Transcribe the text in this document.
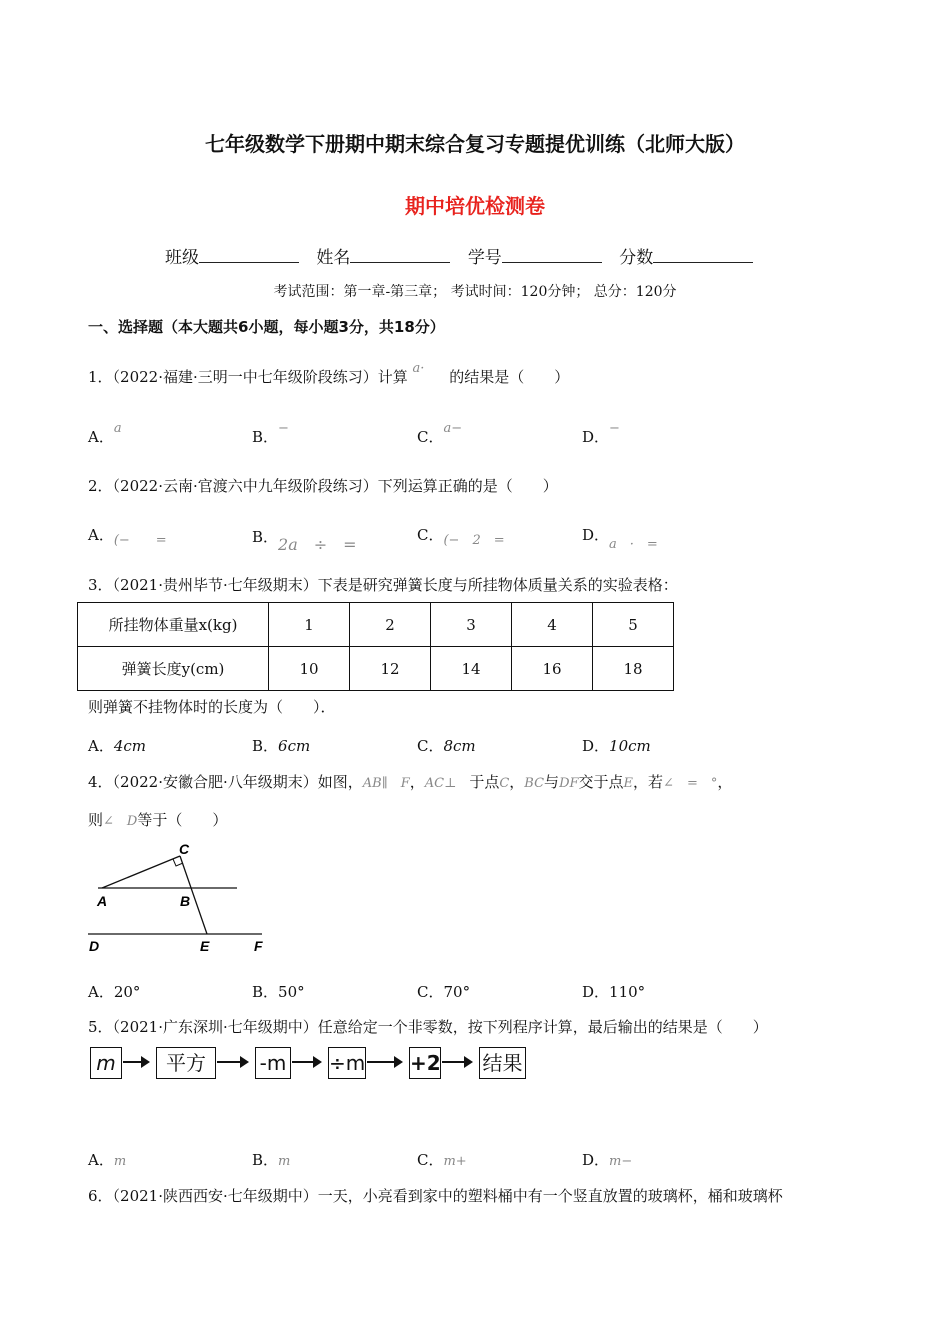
七年级数学下册期中期末综合复习专题提优训练（北师大版）
期中培优检测卷
班级	姓名	学号	分数
考试范围：第一章-第三章； 考试时间：120分钟； 总分：120分
一、选择题（本大题共6小题，每小题3分，共18分）
1．（2022·福建·三明一中七年级阶段练习）计算 a· 的结果是（　　）
A．a	B．−	C．a−	D．−
2．（2022·云南·官渡六中九年级阶段练习）下列运算正确的是（　　）
A．(−　　=	B．2a　÷　=	C．(−　2　=	D．a　·　=
3．（2021·贵州毕节·七年级期末）下表是研究弹簧长度与所挂物体质量关系的实验表格：
所挂物体重量x(kg)	1	2	3	4	5
弹簧长度y(cm)	10	12	14	16	18
则弹簧不挂物体时的长度为（　　）．
A．4cm	B．6cm	C．8cm	D．10cm
4．（2022·安徽合肥·八年级期末）如图，AB∥　F，AC⊥　于点C，BC与DF交于点E，若∠　=　°，
则∠　D等于（　　）
C
A	B
D	E	F
A．20°	B．50°	C．70°	D．110°
5．（2021·广东深圳·七年级期中）任意给定一个非零数，按下列程序计算，最后输出的结果是（　　）
m	平方	-m ÷m +2 结果
A．m	B．m	C．m+	D．m−
6．（2021·陕西西安·七年级期中）一天，小亮看到家中的塑料桶中有一个竖直放置的玻璃杯，桶和玻璃杯
